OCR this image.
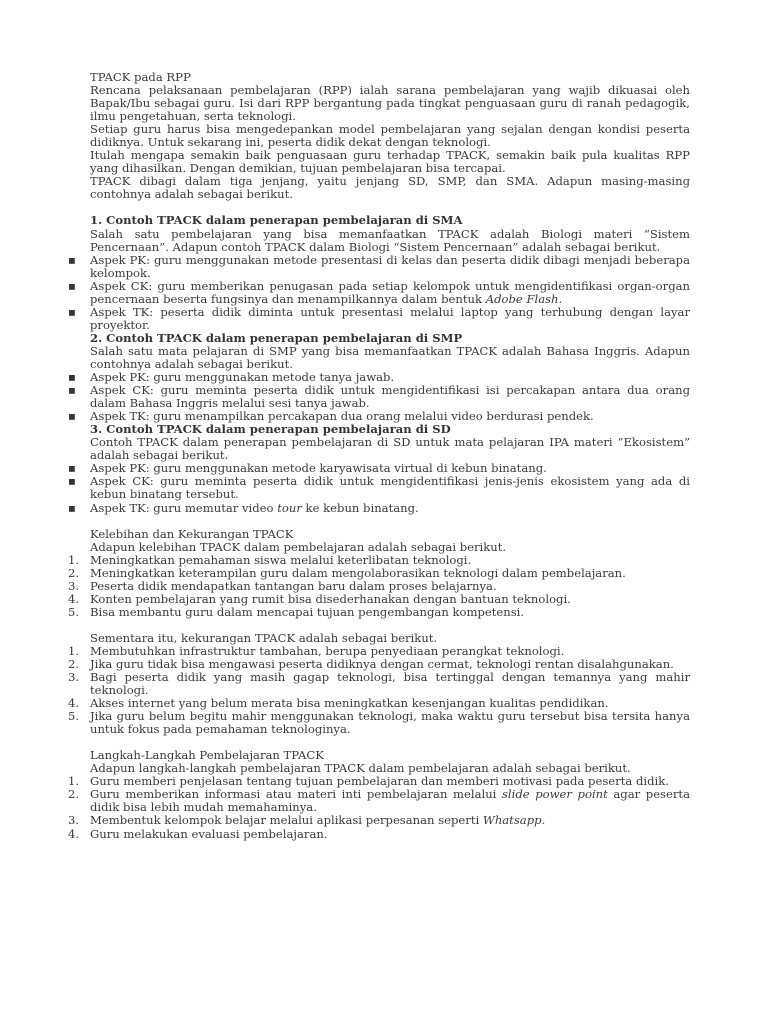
TPACK pada RPP

Rencana pelaksanaan pembelajaran (RPP) ialah sarana pembelajaran yang wajib dikuasai oleh Bapak/Ibu sebagai guru. Isi dari RPP bergantung pada tingkat penguasaan guru di ranah pedagogik, ilmu pengetahuan, serta teknologi.

Setiap guru harus bisa mengedepankan model pembelajaran yang sejalan dengan kondisi peserta didiknya. Untuk sekarang ini, peserta didik dekat dengan teknologi.

Itulah mengapa semakin baik penguasaan guru terhadap TPACK, semakin baik pula kualitas RPP yang dihasilkan. Dengan demikian, tujuan pembelajaran bisa tercapai.

TPACK dibagi dalam tiga jenjang, yaitu jenjang SD, SMP, dan SMA. Adapun masing-masing contohnya adalah sebagai berikut.

1. Contoh TPACK dalam penerapan pembelajaran di SMA

Salah satu pembelajaran yang bisa memanfaatkan TPACK adalah Biologi materi “Sistem Pencernaan”. Adapun contoh TPACK dalam Biologi “Sistem Pencernaan” adalah sebagai berikut.

▪ Aspek PK: guru menggunakan metode presentasi di kelas dan peserta didik dibagi menjadi beberapa kelompok.

▪ Aspek CK: guru memberikan penugasan pada setiap kelompok untuk mengidentifikasi organ-organ pencernaan beserta fungsinya dan menampilkannya dalam bentuk Adobe Flash.

▪ Aspek TK: peserta didik diminta untuk presentasi melalui laptop yang terhubung dengan layar proyektor.

2. Contoh TPACK dalam penerapan pembelajaran di SMP

Salah satu mata pelajaran di SMP yang bisa memanfaatkan TPACK adalah Bahasa Inggris. Adapun contohnya adalah sebagai berikut.

▪ Aspek PK: guru menggunakan metode tanya jawab.

▪ Aspek CK: guru meminta peserta didik untuk mengidentifikasi isi percakapan antara dua orang dalam Bahasa Inggris melalui sesi tanya jawab.

▪ Aspek TK: guru menampilkan percakapan dua orang melalui video berdurasi pendek.

3. Contoh TPACK dalam penerapan pembelajaran di SD

Contoh TPACK dalam penerapan pembelajaran di SD untuk mata pelajaran IPA materi “Ekosistem” adalah sebagai berikut.

▪ Aspek PK: guru menggunakan metode karyawisata virtual di kebun binatang.

▪ Aspek CK: guru meminta peserta didik untuk mengidentifikasi jenis-jenis ekosistem yang ada di kebun binatang tersebut.

▪ Aspek TK: guru memutar video tour ke kebun binatang.

Kelebihan dan Kekurangan TPACK

Adapun kelebihan TPACK dalam pembelajaran adalah sebagai berikut.

1. Meningkatkan pemahaman siswa melalui keterlibatan teknologi.

2. Meningkatkan keterampilan guru dalam mengolaborasikan teknologi dalam pembelajaran.

3. Peserta didik mendapatkan tantangan baru dalam proses belajarnya.

4. Konten pembelajaran yang rumit bisa disederhanakan dengan bantuan teknologi.

5. Bisa membantu guru dalam mencapai tujuan pengembangan kompetensi.

Sementara itu, kekurangan TPACK adalah sebagai berikut.

1. Membutuhkan infrastruktur tambahan, berupa penyediaan perangkat teknologi.

2. Jika guru tidak bisa mengawasi peserta didiknya dengan cermat, teknologi rentan disalahgunakan.

3. Bagi peserta didik yang masih gagap teknologi, bisa tertinggal dengan temannya yang mahir teknologi.

4. Akses internet yang belum merata bisa meningkatkan kesenjangan kualitas pendidikan.

5. Jika guru belum begitu mahir menggunakan teknologi, maka waktu guru tersebut bisa tersita hanya untuk fokus pada pemahaman teknologinya.

Langkah-Langkah Pembelajaran TPACK

Adapun langkah-langkah pembelajaran TPACK dalam pembelajaran adalah sebagai berikut.

1. Guru memberi penjelasan tentang tujuan pembelajaran dan memberi motivasi pada peserta didik.

2. Guru memberikan informasi atau materi inti pembelajaran melalui slide power point agar peserta didik bisa lebih mudah memahaminya.

3. Membentuk kelompok belajar melalui aplikasi perpesanan seperti Whatsapp.

4. Guru melakukan evaluasi pembelajaran.
